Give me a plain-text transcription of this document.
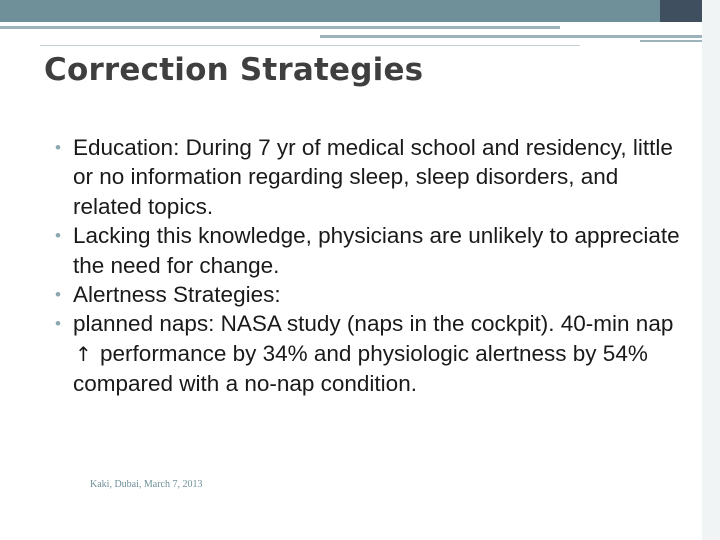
Correction Strategies
• Education: During 7 yr of medical school and residency, little or no information regarding sleep, sleep disorders, and related topics.
• Lacking this knowledge, physicians are unlikely to appreciate the need for change.
• Alertness Strategies:
• planned naps: NASA study (naps in the cockpit). 40-min nap ↑ performance by 34% and physiologic alertness by 54% compared with a no-nap condition.
Kaki, Dubai, March 7, 2013
